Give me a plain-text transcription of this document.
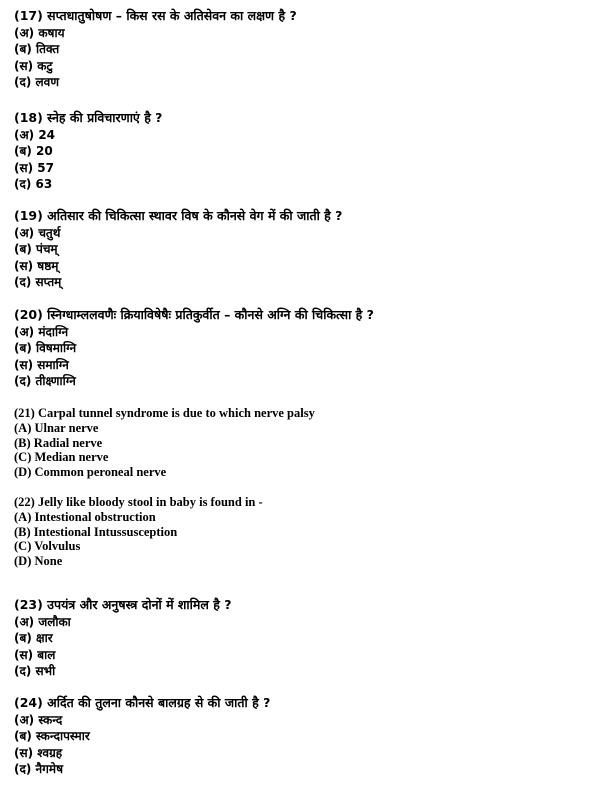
(17) सप्तधातुषोषण – किस रस के अतिसेवन का लक्षण है ?
(अ) कषाय
(ब) तिक्त
(स) कटु
(द) लवण
(18) स्नेह की प्रविचारणाएं है ?
(अ) 24
(ब) 20
(स) 57
(द) 63
(19) अतिसार की चिकित्सा स्थावर विष के कौनसे वेग में की जाती है ?
(अ) चतुर्थ
(ब) पंचम्
(स) षष्ठम्
(द) सप्तम्
(20) स्निग्धाम्ललवणैः क्रियाविषेषैः प्रतिकुर्वीत – कौनसे अग्नि की चिकित्सा है ?
(अ) मंदाग्नि
(ब) विषमाग्नि
(स) समाग्नि
(द) तीक्ष्णाग्नि
(21) Carpal tunnel syndrome is due to which nerve palsy
(A) Ulnar nerve
(B) Radial nerve
(C) Median nerve
(D) Common peroneal nerve
(22) Jelly like bloody stool in baby is found in -
(A) Intestional obstruction
(B) Intestional Intussusception
(C) Volvulus
(D) None
(23) उपयंत्र और अनुषस्त्र दोनों में शामिल है ?
(अ) जलौका
(ब) क्षार
(स) बाल
(द) सभी
(24) अर्दित की तुलना कौनसे बालग्रह से की जाती है ?
(अ) स्कन्द
(ब) स्कन्दापस्मार
(स) श्वग्रह
(द) नैगमेष
